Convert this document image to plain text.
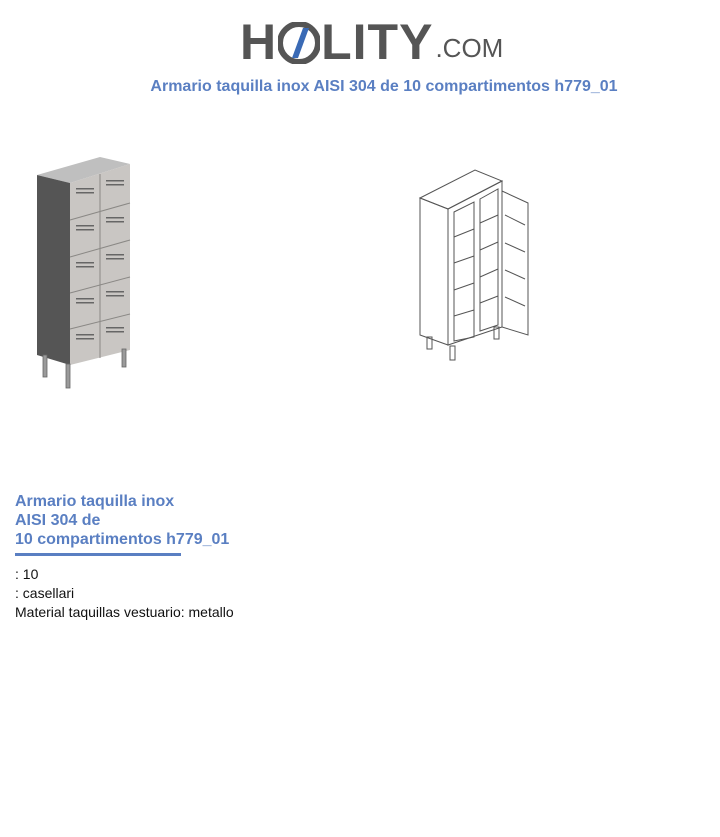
H LITY .COM
Armario taquilla inox AISI 304 de 10 compartimentos h779_01
Armario taquilla inox
AISI 304 de
10 compartimentos h779_01
: 10
: casellari
Material taquillas vestuario: metallo
